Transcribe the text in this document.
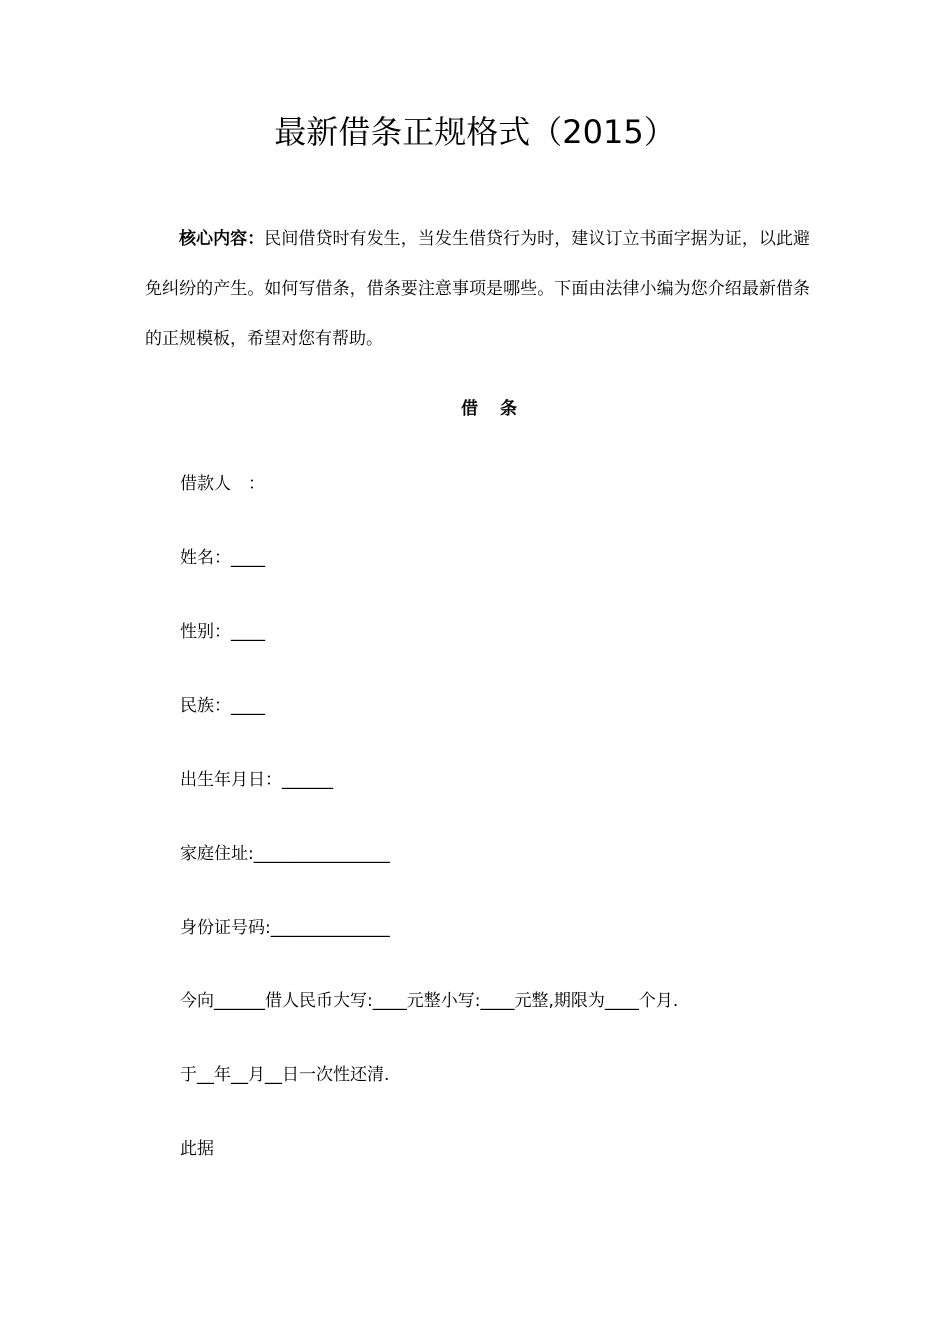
最新借条正规格式（2015）
核心内容：民间借贷时有发生，当发生借贷行为时，建议订立书面字据为证，以此避免纠纷的产生。如何写借条，借条要注意事项是哪些。下面由法律小编为您介绍最新借条的正规模板，希望对您有帮助。
借 条
借款人　：
姓名：____
性别：____
民族：____
出生年月日：______
家庭住址:________________
身份证号码:______________
今向______借人民币大写:____元整小写:____元整,期限为____个月.
于__年__月__日一次性还清.
此据
